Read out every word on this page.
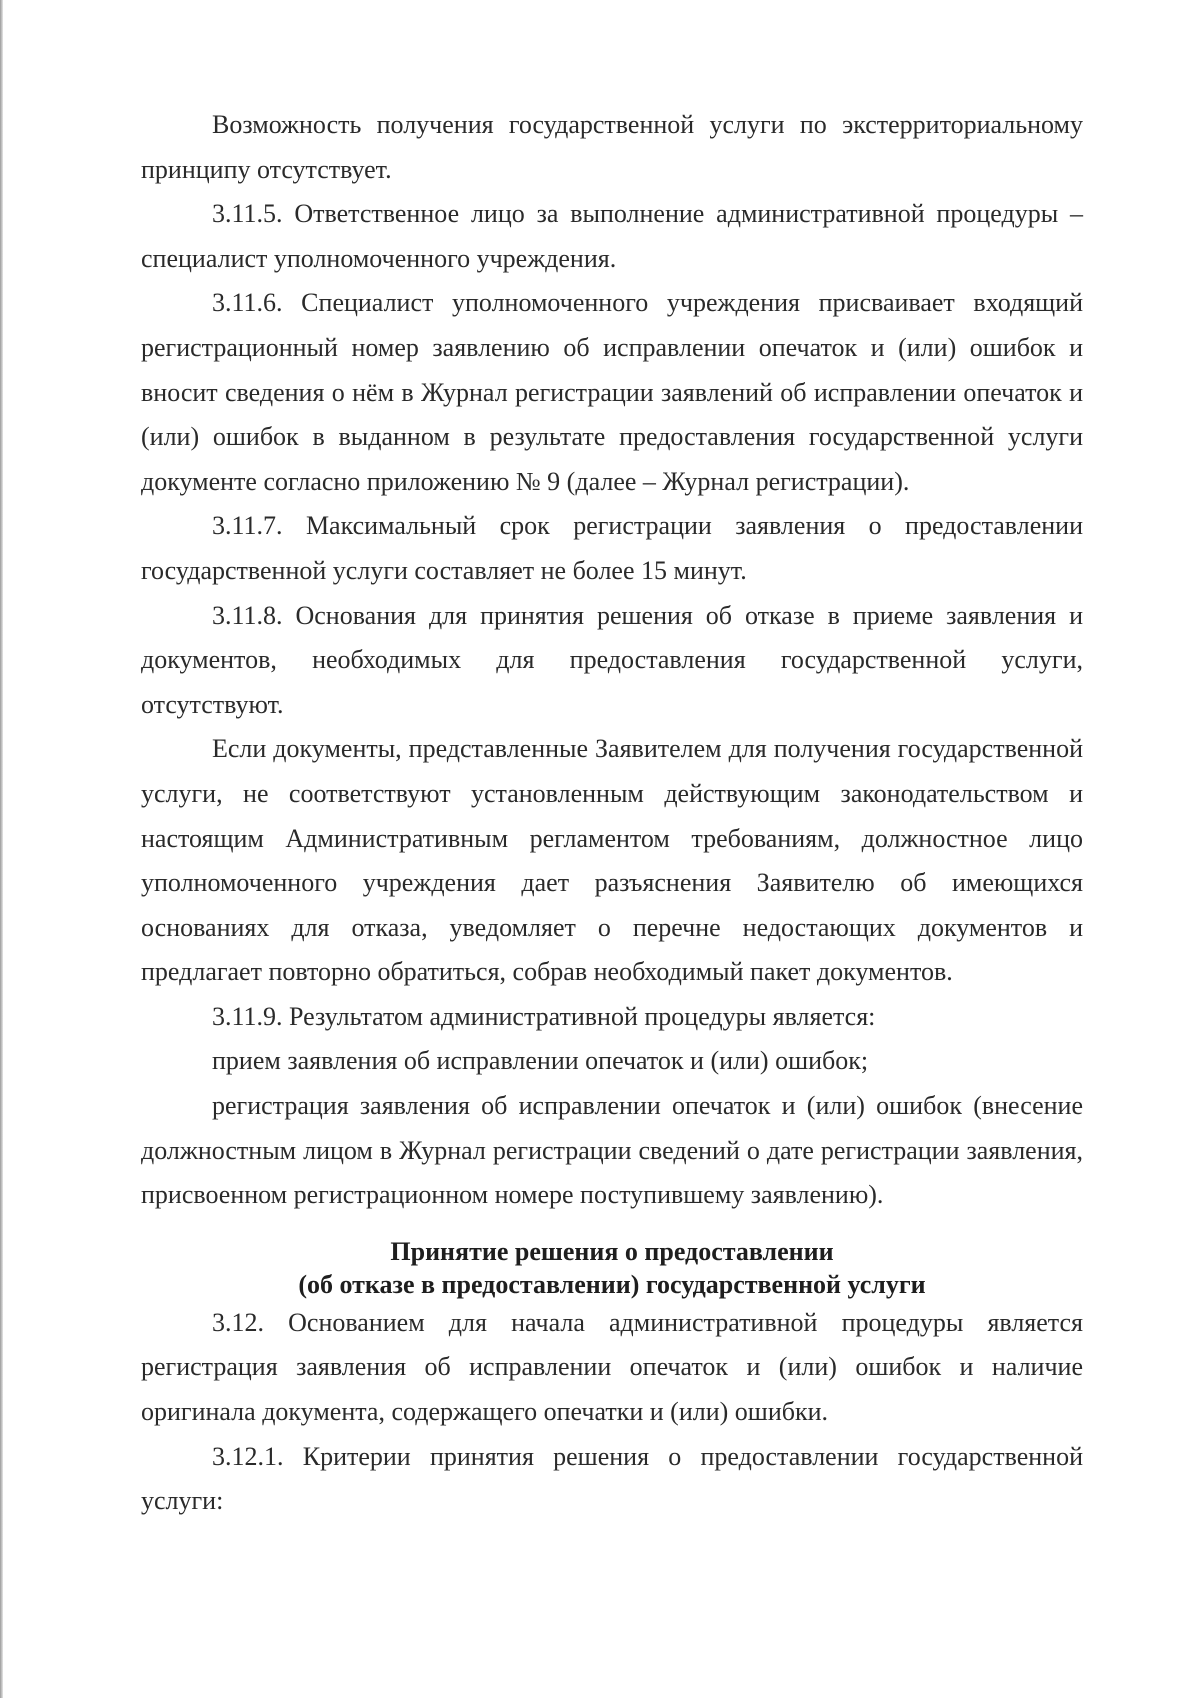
Возможность получения государственной услуги по экстерриториальному принципу отсутствует.

3.11.5. Ответственное лицо за выполнение административной процедуры – специалист уполномоченного учреждения.

3.11.6. Специалист уполномоченного учреждения присваивает входящий регистрационный номер заявлению об исправлении опечаток и (или) ошибок и вносит сведения о нём в Журнал регистрации заявлений об исправлении опечаток и (или) ошибок в выданном в результате предоставления государственной услуги документе согласно приложению № 9 (далее – Журнал регистрации).

3.11.7. Максимальный срок регистрации заявления о предоставлении государственной услуги составляет не более 15 минут.

3.11.8. Основания для принятия решения об отказе в приеме заявления и документов, необходимых для предоставления государственной услуги, отсутствуют.

Если документы, представленные Заявителем для получения государственной услуги, не соответствуют установленным действующим законодательством и настоящим Административным регламентом требованиям, должностное лицо уполномоченного учреждения дает разъяснения Заявителю об имеющихся основаниях для отказа, уведомляет о перечне недостающих документов и предлагает повторно обратиться, собрав необходимый пакет документов.

3.11.9. Результатом административной процедуры является:

прием заявления об исправлении опечаток и (или) ошибок;

регистрация заявления об исправлении опечаток и (или) ошибок (внесение должностным лицом в Журнал регистрации сведений о дате регистрации заявления, присвоенном регистрационном номере поступившему заявлению).

Принятие решения о предоставлении
(об отказе в предоставлении) государственной услуги

3.12. Основанием для начала административной процедуры является регистрация заявления об исправлении опечаток и (или) ошибок и наличие оригинала документа, содержащего опечатки и (или) ошибки.

3.12.1. Критерии принятия решения о предоставлении государственной услуги:
